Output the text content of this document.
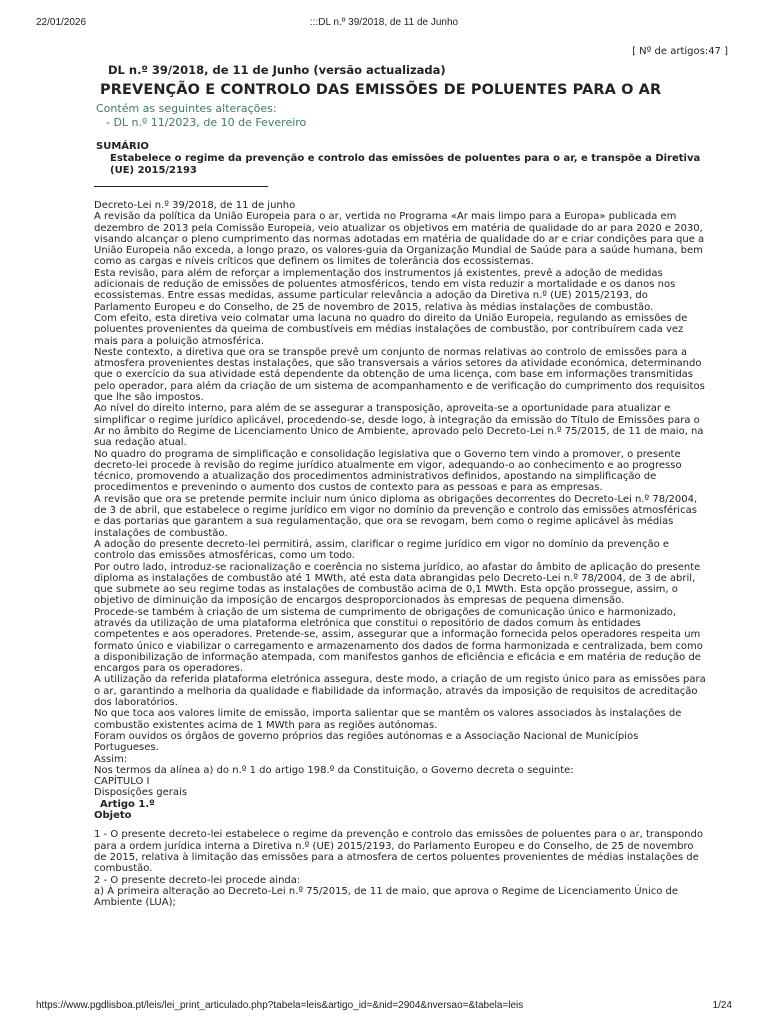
22/01/2026	:::DL n.º 39/2018, de 11 de Junho
[ Nº de artigos:47 ]
DL n.º 39/2018, de 11 de Junho (versão actualizada)
PREVENÇÃO E CONTROLO DAS EMISSÕES DE POLUENTES PARA O AR
Contém as seguintes alterações:
- DL n.º 11/2023, de 10 de Fevereiro
SUMÁRIO
Estabelece o regime da prevenção e controlo das emissões de poluentes para o ar, e transpõe a Diretiva (UE) 2015/2193

Decreto-Lei n.º 39/2018, de 11 de junho

A revisão da política da União Europeia para o ar, vertida no Programa «Ar mais limpo para a Europa» publicada em dezembro de 2013 pela Comissão Europeia, veio atualizar os objetivos em matéria de qualidade do ar para 2020 e 2030, visando alcançar o pleno cumprimento das normas adotadas em matéria de qualidade do ar e criar condições para que a União Europeia não exceda, a longo prazo, os valores-guia da Organização Mundial de Saúde para a saúde humana, bem como as cargas e níveis críticos que definem os limites de tolerância dos ecossistemas.

Esta revisão, para além de reforçar a implementação dos instrumentos já existentes, prevê a adoção de medidas adicionais de redução de emissões de poluentes atmosféricos, tendo em vista reduzir a mortalidade e os danos nos ecossistemas. Entre essas medidas, assume particular relevância a adoção da Diretiva n.º (UE) 2015/2193, do Parlamento Europeu e do Conselho, de 25 de novembro de 2015, relativa às médias instalações de combustão.

Com efeito, esta diretiva veio colmatar uma lacuna no quadro do direito da União Europeia, regulando as emissões de poluentes provenientes da queima de combustíveis em médias instalações de combustão, por contribuírem cada vez mais para a poluição atmosférica.

Neste contexto, a diretiva que ora se transpõe prevê um conjunto de normas relativas ao controlo de emissões para a atmosfera provenientes destas instalações, que são transversais a vários setores da atividade económica, determinando que o exercício da sua atividade está dependente da obtenção de uma licença, com base em informações transmitidas pelo operador, para além da criação de um sistema de acompanhamento e de verificação do cumprimento dos requisitos que lhe são impostos.

Ao nível do direito interno, para além de se assegurar a transposição, aproveita-se a oportunidade para atualizar e simplificar o regime jurídico aplicável, procedendo-se, desde logo, à integração da emissão do Título de Emissões para o Ar no âmbito do Regime de Licenciamento Único de Ambiente, aprovado pelo Decreto-Lei n.º 75/2015, de 11 de maio, na sua redação atual.

No quadro do programa de simplificação e consolidação legislativa que o Governo tem vindo a promover, o presente decreto-lei procede à revisão do regime jurídico atualmente em vigor, adequando-o ao conhecimento e ao progresso técnico, promovendo a atualização dos procedimentos administrativos definidos, apostando na simplificação de procedimentos e prevenindo o aumento dos custos de contexto para as pessoas e para as empresas.

A revisão que ora se pretende permite incluir num único diploma as obrigações decorrentes do Decreto-Lei n.º 78/2004, de 3 de abril, que estabelece o regime jurídico em vigor no domínio da prevenção e controlo das emissões atmosféricas e das portarias que garantem a sua regulamentação, que ora se revogam, bem como o regime aplicável às médias instalações de combustão.

A adoção do presente decreto-lei permitirá, assim, clarificar o regime jurídico em vigor no domínio da prevenção e controlo das emissões atmosféricas, como um todo.

Por outro lado, introduz-se racionalização e coerência no sistema jurídico, ao afastar do âmbito de aplicação do presente diploma as instalações de combustão até 1 MWth, até esta data abrangidas pelo Decreto-Lei n.º 78/2004, de 3 de abril, que submete ao seu regime todas as instalações de combustão acima de 0,1 MWth. Esta opção prossegue, assim, o objetivo de diminuição da imposição de encargos desproporcionados às empresas de pequena dimensão.

Procede-se também à criação de um sistema de cumprimento de obrigações de comunicação único e harmonizado, através da utilização de uma plataforma eletrónica que constitui o repositório de dados comum às entidades competentes e aos operadores. Pretende-se, assim, assegurar que a informação fornecida pelos operadores respeita um formato único e viabilizar o carregamento e armazenamento dos dados de forma harmonizada e centralizada, bem como a disponibilização de informação atempada, com manifestos ganhos de eficiência e eficácia e em matéria de redução de encargos para os operadores.

A utilização da referida plataforma eletrónica assegura, deste modo, a criação de um registo único para as emissões para o ar, garantindo a melhoria da qualidade e fiabilidade da informação, através da imposição de requisitos de acreditação dos laboratórios.

No que toca aos valores limite de emissão, importa salientar que se mantêm os valores associados às instalações de combustão existentes acima de 1 MWth para as regiões autónomas.

Foram ouvidos os órgãos de governo próprios das regiões autónomas e a Associação Nacional de Municípios Portugueses.

Assim:

Nos termos da alínea a) do n.º 1 do artigo 198.º da Constituição, o Governo decreta o seguinte:

CAPÍTULO I

Disposições gerais

Artigo 1.º

Objeto

1 - O presente decreto-lei estabelece o regime da prevenção e controlo das emissões de poluentes para o ar, transpondo para a ordem jurídica interna a Diretiva n.º (UE) 2015/2193, do Parlamento Europeu e do Conselho, de 25 de novembro de 2015, relativa à limitação das emissões para a atmosfera de certos poluentes provenientes de médias instalações de combustão.

2 - O presente decreto-lei procede ainda:

a) À primeira alteração ao Decreto-Lei n.º 75/2015, de 11 de maio, que aprova o Regime de Licenciamento Único de Ambiente (LUA);

https://www.pgdlisboa.pt/leis/lei_print_articulado.php?tabela=leis&artigo_id=&nid=2904&nversao=&tabela=leis	1/24
